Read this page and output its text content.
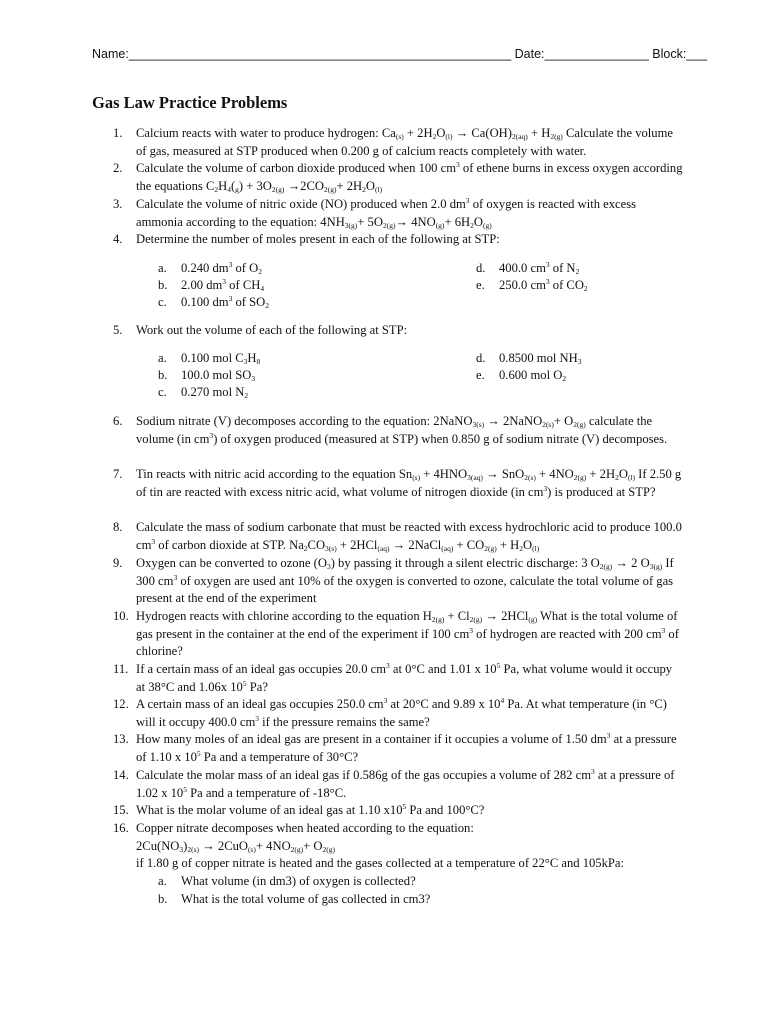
Name:_______________________________________________________ Date:_______________ Block:___
Gas Law Practice Problems
1. Calcium reacts with water to produce hydrogen: $Ca_{(s)} + 2H_2O_{(l)} \to Ca(OH)_{2(aq)} + H_{2(g)}$ Calculate the volume of gas, measured at STP produced when 0.200 g of calcium reacts completely with water.
2. Calculate the volume of carbon dioxide produced when 100 $cm^3$ of ethene burns in excess oxygen according the equations $C_2H_4(_g) + 3O_{2(g)} \to 2CO_{2(g)}+ 2H_2O_{(l)}$
3. Calculate the volume of nitric oxide (NO) produced when 2.0 $dm^3$ of oxygen is reacted with excess ammonia according to the equation: $4NH_{3(g)}+ 5O_{2(g)}\to 4NO_{(g)}+ 6H_2O_{(g)}$
4. Determine the number of moles present in each of the following at STP:
a. 0.240 $dm^3$ of $O_2$
b. 2.00 $dm^3$ of $CH_4$
c. 0.100 $dm^3$ of $SO_2$
d. 400.0 $cm^3$ of $N_2$
e. 250.0 $cm^3$ of $CO_2$
5. Work out the volume of each of the following at STP:
a. 0.100 mol $C_3H_8$
b. 100.0 mol $SO_3$
c. 0.270 mol $N_2$
d. 0.8500 mol $NH_3$
e. 0.600 mol $O_2$
6. Sodium nitrate (V) decomposes according to the equation: 2NaNO$_{3(s)}$ → 2NaNO$_{2(s)}$+ $O_{2(g)}$ calculate the volume (in $cm^3$) of oxygen produced (measured at STP) when 0.850 g of sodium nitrate (V) decomposes.
7. Tin reacts with nitric acid according to the equation $Sn_{(s)} + 4HNO_{3(aq)} \to SnO_{2(s)} + 4NO_{2(g)} + 2H_2O_{(l)}$ If 2.50 g of tin are reacted with excess nitric acid, what volume of nitrogen dioxide (in $cm^3$) is produced at STP?
8. Calculate the mass of sodium carbonate that must be reacted with excess hydrochloric acid to produce 100.0 $cm^3$ of carbon dioxide at STP. $Na_2CO_{3(s)} + 2HCl_{(aq)}$ → 2NaCl$_{(aq)}$ + $CO_{2(g)} + H_2O_{(l)}$
9. Oxygen can be converted to ozone $(O_3)$ by passing it through a silent electric discharge: 3 $O_{2(g)} \to 2$ $O_{3(g)}$ If 300 $cm^3$ of oxygen are used ant 10% of the oxygen is converted to ozone, calculate the total volume of gas present at the end of the experiment
10. Hydrogen reacts with chlorine according to the equation $H_{2(g)} + Cl_{2(g)} \to 2HCl_{(g)}$ What is the total volume of gas present in the container at the end of the experiment if 100 $cm^3$ of hydrogen are reacted with 200 $cm^3$ of chlorine?
11. If a certain mass of an ideal gas occupies 20.0 $cm^3$ at 0°C and 1.01 x $10^5$ Pa, what volume would it occupy at 38°C and 1.06x $10^5$ Pa?
12. A certain mass of an ideal gas occupies 250.0 $cm^3$ at 20°C and 9.89 x $10^4$ Pa. At what temperature (in °C) will it occupy 400.0 $cm^3$ if the pressure remains the same?
13. How many moles of an ideal gas are present in a container if it occupies a volume of 1.50 $dm^3$ at a pressure of 1.10 x $10^5$ Pa and a temperature of 30°C?
14. Calculate the molar mass of an ideal gas if 0.586g of the gas occupies a volume of 282 $cm^3$ at a pressure of 1.02 x $10^5$ Pa and a temperature of -18°C.
15. What is the molar volume of an ideal gas at 1.10 $x10^5$ Pa and 100°C?
16. Copper nitrate decomposes when heated according to the equation:
$2Cu(NO_3)_{2(s)} \to 2CuO_{(s)}+ 4NO_{2(g)}+ O_{2(g)}$
if 1.80 g of copper nitrate is heated and the gases collected at a temperature of 22°C and 105kPa:
a. What volume (in dm3) of oxygen is collected?
b. What is the total volume of gas collected in cm3?
